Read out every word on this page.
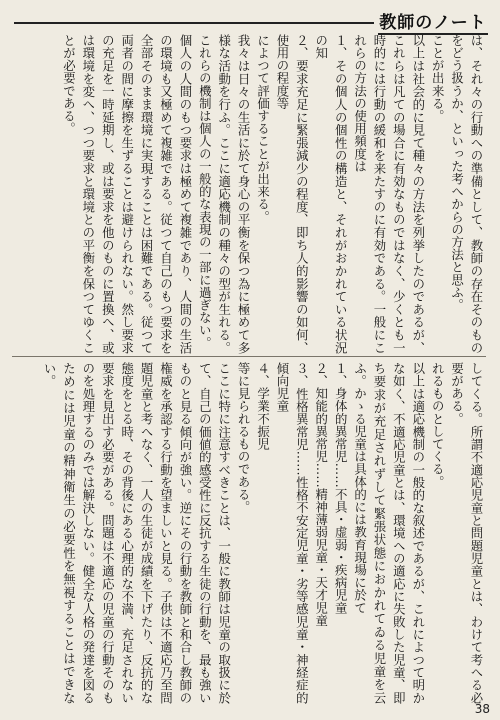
教師のノート
は、それ々の行動への準備として、教師の存在そのものをどう扱うか、といった考へからの方法と思ふ。
ことが出来る。
以上は社会的に見て種々の方法を列挙したのであるが、これらは凡ての場合に有効なものではなく、少くとも一時的には行動の緩和を来たすのに有効である。一般にこれらの方法の使用頻度は
１、その個人の個性の構造と、それがおかれている状況の知
２、要求充足に緊張減少の程度、即ち人的影響の如何、使用の程度等
によつて評価することが出来る。
我々は日々の生活に於て身心の平衡を保つ為に極めて多様な活動を行ふ。ここに適応機制の種々の型が生れる。これらの機制は個人の一般的な表現の一部に過ぎない。
個人の人間のもつ要求は極めて複雑であり、人間の生活の環境も又極めて複雑である。従つて自己のもつ要求を全部そのまま環境に実現することは困難である。従つて両者の間に摩擦を生ずることは避けられない。然し要求の充足を一時延期し、或は要求を他のものに置換へ、或は環境を変へ、つつ要求と環境との平衡を保つてゆくことが必要である。
してくる。所謂不適応児童と問題児童とは、わけて考へる必要がある。
れるものとしてくる。
以上は適応機制の一般的な叙述であるが、これによつて明かな如く、不適応児童とは、環境への適応に失敗した児童、即ち要求が充足されずして緊張状態におかれてゐる児童を云ふ。かゝる児童は具体的には教育現場に於て
１、身体的異常児……不具・虚弱・疾病児童
２、知能的異常児……精神薄弱児童・天才児童
３、性格異常児……性格不安定児童・劣等感児童・神経症的傾向児童
４、学業不振児
等に見られるものである。
ここに特に注意すべきことは、一般に教師は児童の取扱に於て、自己の価値的感受性に反抗する生徒の行動を、最も強いものと見る傾向が強い。逆にその行動を教師と和合し教師の権威を承認する行動を望ましいと見る。子供は不適応乃至問題児童と考へなく、一人の生徒が成績を下げたり、反抗的な態度をとる時、その背後にある心理的な不満、充足されない要求を見出す必要がある。問題は不適応の児童の行動そのものを処理するのみでは解決しない。健全な人格の発達を図るためには児童の精神衛生の必要性を無視することはできない。
38
